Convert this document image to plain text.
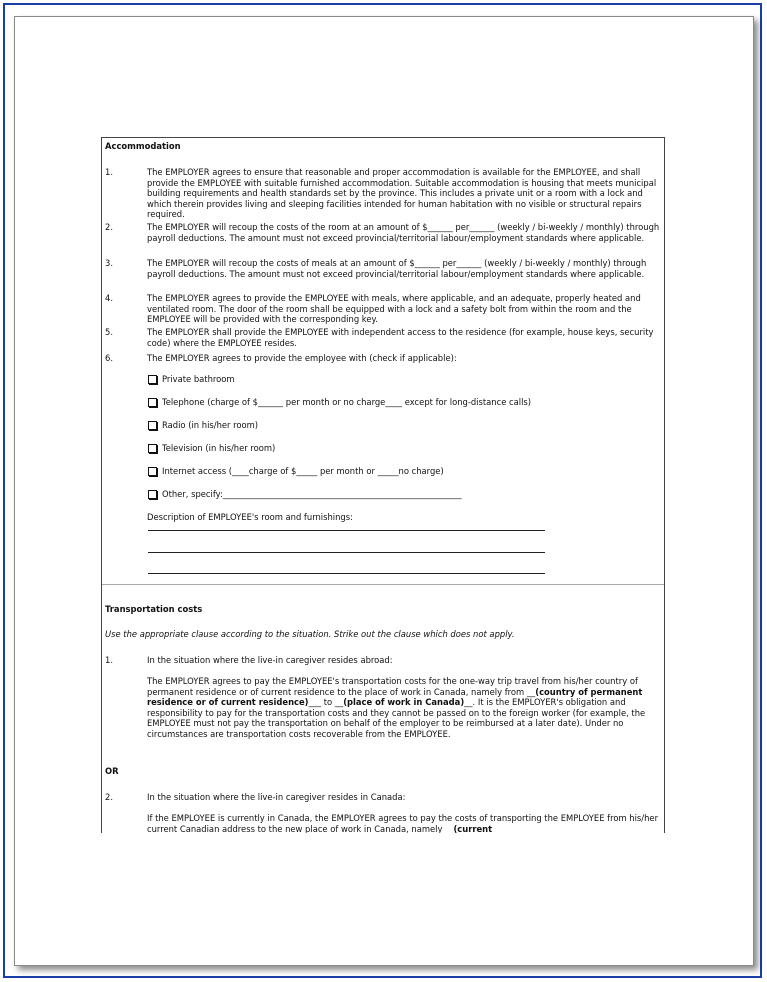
Accommodation
1.	The EMPLOYER agrees to ensure that reasonable and proper accommodation is available for the EMPLOYEE, and shall provide the EMPLOYEE with suitable furnished accommodation. Suitable accommodation is housing that meets municipal building requirements and health standards set by the province. This includes a private unit or a room with a lock and which therein provides living and sleeping facilities intended for human habitation with no visible or structural repairs required.
2.	The EMPLOYER will recoup the costs of the room at an amount of $______ per______ (weekly / bi-weekly / monthly) through payroll deductions. The amount must not exceed provincial/territorial labour/employment standards where applicable.
3.	The EMPLOYER will recoup the costs of meals at an amount of $______ per______ (weekly / bi-weekly / monthly) through payroll deductions. The amount must not exceed provincial/territorial labour/employment standards where applicable.
4.	The EMPLOYER agrees to provide the EMPLOYEE with meals, where applicable, and an adequate, properly heated and ventilated room. The door of the room shall be equipped with a lock and a safety bolt from within the room and the EMPLOYEE will be provided with the corresponding key.
5.	The EMPLOYER shall provide the EMPLOYEE with independent access to the residence (for example, house keys, security code) where the EMPLOYEE resides.
6.	The EMPLOYER agrees to provide the employee with (check if applicable):
Private bathroom
Telephone (charge of $______ per month or no charge____ except for long-distance calls)
Radio (in his/her room)
Television (in his/her room)
Internet access (____charge of $_____ per month or _____no charge)
Other, specify:_________________________________________________________
Description of EMPLOYEE's room and furnishings:
Transportation costs
Use the appropriate clause according to the situation. Strike out the clause which does not apply.
1.	In the situation where the live-in caregiver resides abroad:
The EMPLOYER agrees to pay the EMPLOYEE's transportation costs for the one-way trip travel from his/her country of permanent residence or of current residence to the place of work in Canada, namely from __(country of permanent residence or of current residence)___ to __(place of work in Canada)__. It is the EMPLOYER's obligation and responsibility to pay for the transportation costs and they cannot be passed on to the foreign worker (for example, the EMPLOYEE must not pay the transportation on behalf of the employer to be reimbursed at a later date). Under no circumstances are transportation costs recoverable from the EMPLOYEE.
OR
2.	In the situation where the live-in caregiver resides in Canada:
If the EMPLOYEE is currently in Canada, the EMPLOYER agrees to pay the costs of transporting the EMPLOYEE from his/her current Canadian address to the new place of work in Canada, namely __(current
